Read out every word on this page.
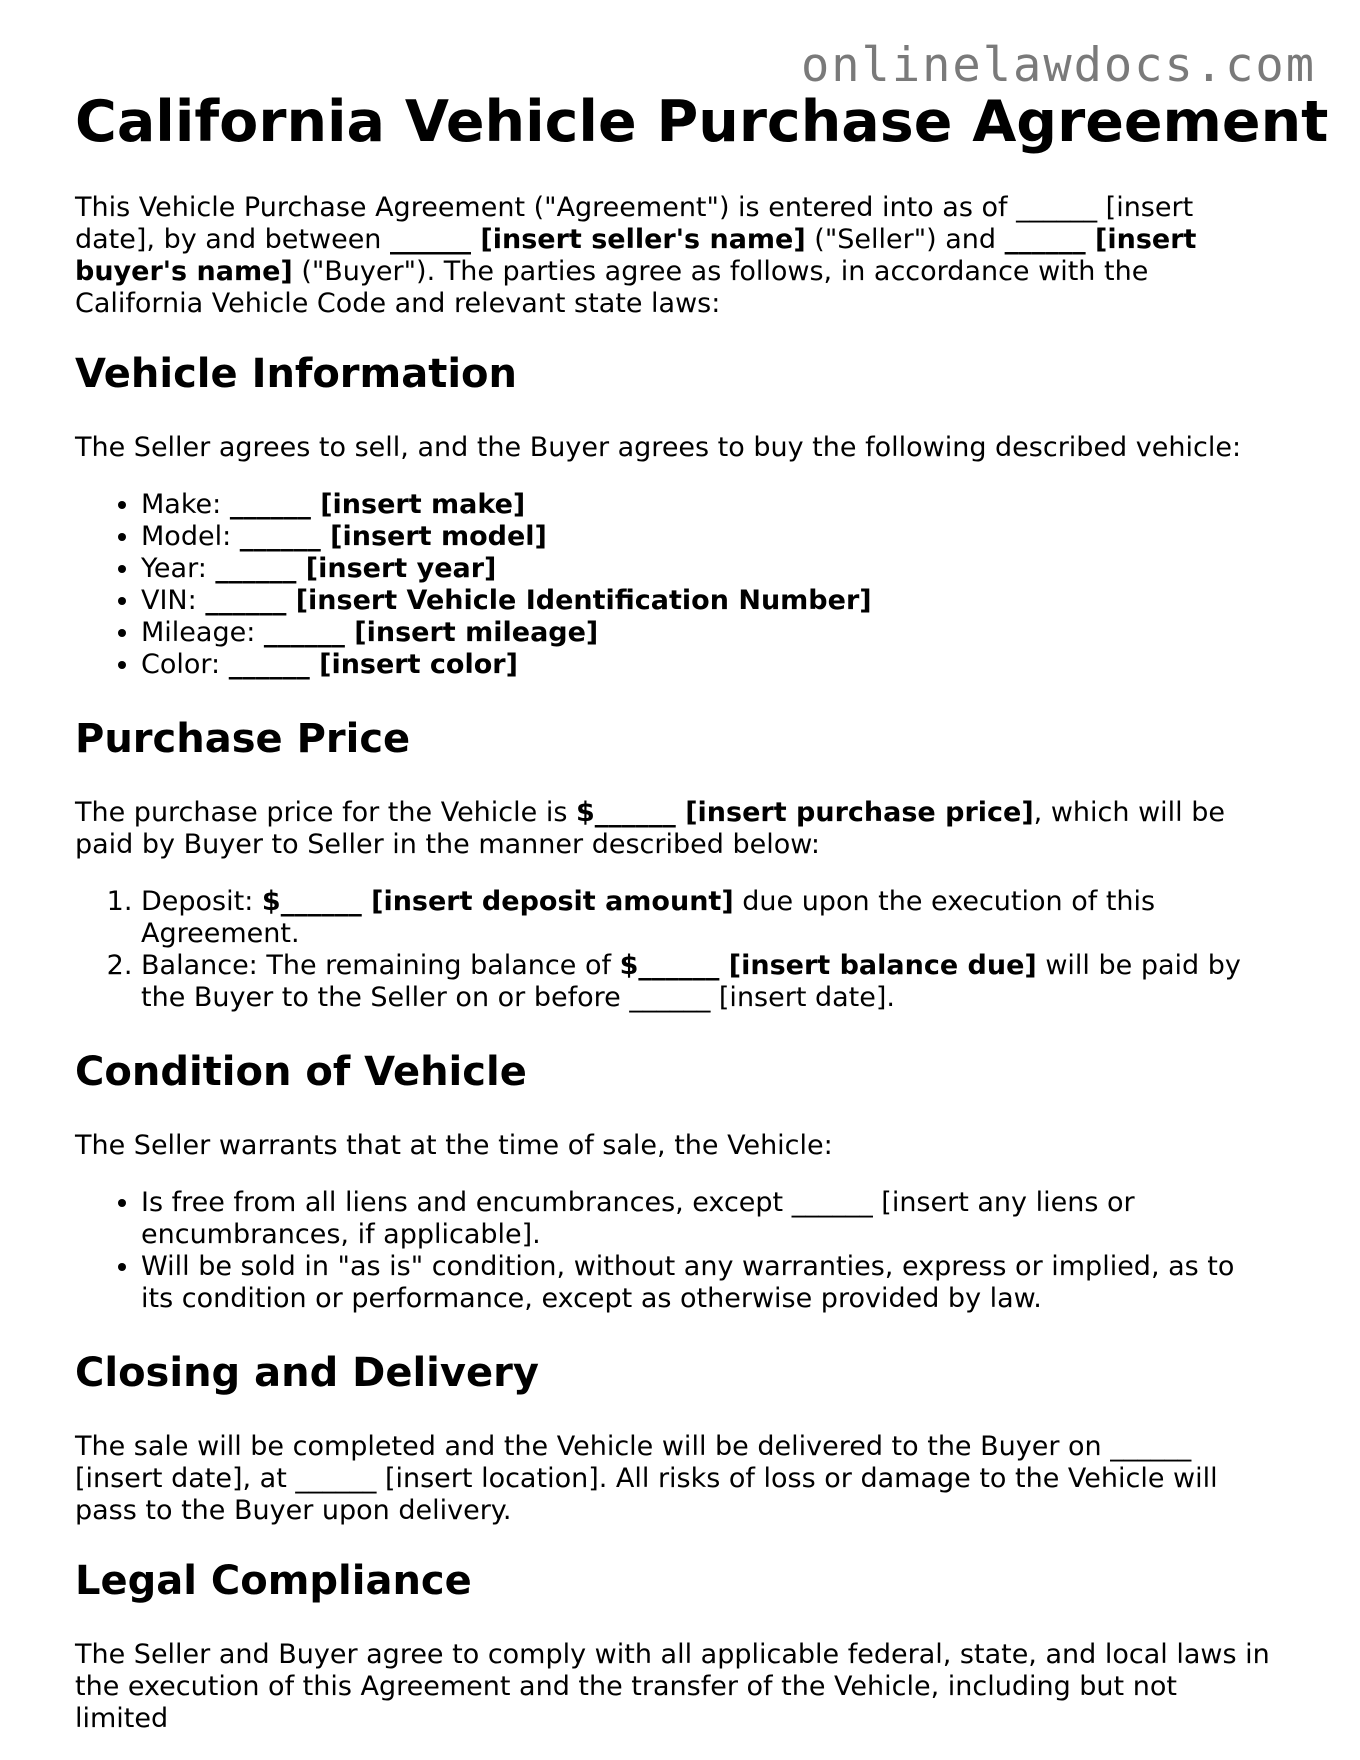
onlinelawdocs.com
California Vehicle Purchase Agreement

This Vehicle Purchase Agreement ("Agreement") is entered into as of ______ [insert date], by and between ______ [insert seller's name] ("Seller") and ______ [insert buyer's name] ("Buyer"). The parties agree as follows, in accordance with the California Vehicle Code and relevant state laws:

Vehicle Information

The Seller agrees to sell, and the Buyer agrees to buy the following described vehicle:

• Make: ______ [insert make]
• Model: ______ [insert model]
• Year: ______ [insert year]
• VIN: ______ [insert Vehicle Identification Number]
• Mileage: ______ [insert mileage]
• Color: ______ [insert color]
Purchase Price

The purchase price for the Vehicle is $______ [insert purchase price], which will be paid by Buyer to Seller in the manner described below:

1. Deposit: $______ [insert deposit amount] due upon the execution of this Agreement.
2. Balance: The remaining balance of $______ [insert balance due] will be paid by the Buyer to the Seller on or before ______ [insert date].
Condition of Vehicle

The Seller warrants that at the time of sale, the Vehicle:

• Is free from all liens and encumbrances, except ______ [insert any liens or encumbrances, if applicable].
• Will be sold in "as is" condition, without any warranties, express or implied, as to its condition or performance, except as otherwise provided by law.
Closing and Delivery

The sale will be completed and the Vehicle will be delivered to the Buyer on ______ [insert date], at ______ [insert location]. All risks of loss or damage to the Vehicle will pass to the Buyer upon delivery.

Legal Compliance

The Seller and Buyer agree to comply with all applicable federal, state, and local laws in the execution of this Agreement and the transfer of the Vehicle, including but not limited
